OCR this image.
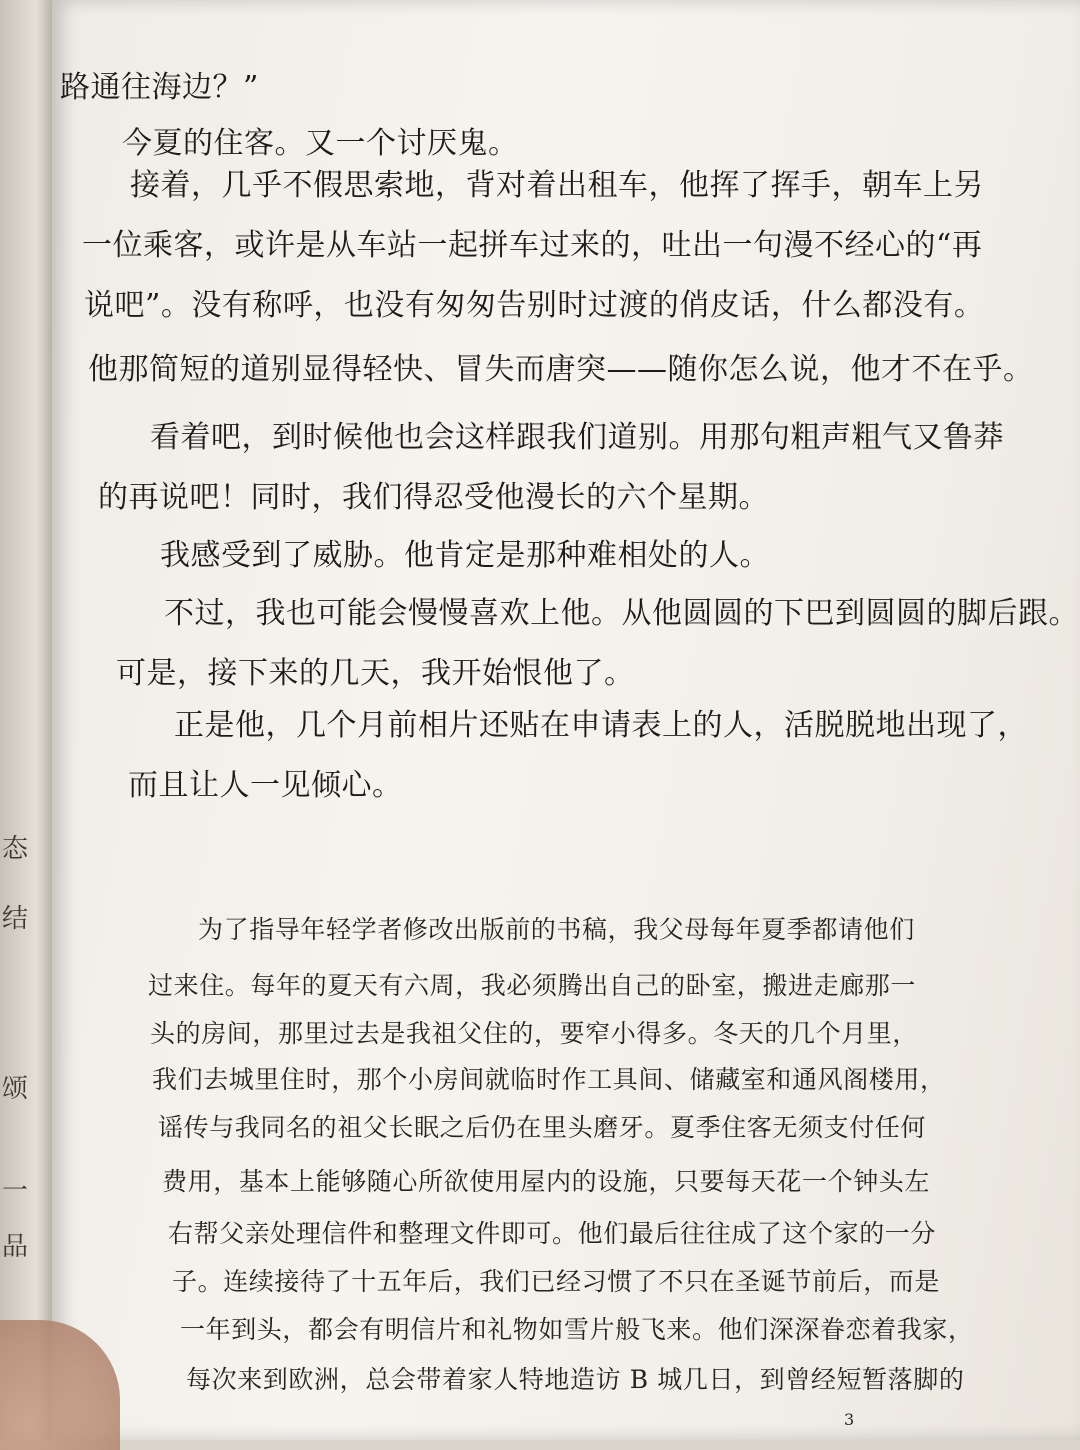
态
结
颂
一
品
路通往海边？”
今夏的住客。又一个讨厌鬼。
接着，几乎不假思索地，背对着出租车，他挥了挥手，朝车上另
一位乘客，或许是从车站一起拼车过来的，吐出一句漫不经心的“再
说吧”。没有称呼，也没有匆匆告别时过渡的俏皮话，什么都没有。
他那简短的道别显得轻快、冒失而唐突——随你怎么说，他才不在乎。
看着吧，到时候他也会这样跟我们道别。用那句粗声粗气又鲁莽
的再说吧！同时，我们得忍受他漫长的六个星期。
我感受到了威胁。他肯定是那种难相处的人。
不过，我也可能会慢慢喜欢上他。从他圆圆的下巴到圆圆的脚后跟。
可是，接下来的几天，我开始恨他了。
正是他，几个月前相片还贴在申请表上的人，活脱脱地出现了，
而且让人一见倾心。
为了指导年轻学者修改出版前的书稿，我父母每年夏季都请他们
过来住。每年的夏天有六周，我必须腾出自己的卧室，搬进走廊那一
头的房间，那里过去是我祖父住的，要窄小得多。冬天的几个月里，
我们去城里住时，那个小房间就临时作工具间、储藏室和通风阁楼用，
谣传与我同名的祖父长眠之后仍在里头磨牙。夏季住客无须支付任何
费用，基本上能够随心所欲使用屋内的设施，只要每天花一个钟头左
右帮父亲处理信件和整理文件即可。他们最后往往成了这个家的一分
子。连续接待了十五年后，我们已经习惯了不只在圣诞节前后，而是
一年到头，都会有明信片和礼物如雪片般飞来。他们深深眷恋着我家，
每次来到欧洲，总会带着家人特地造访 B 城几日，到曾经短暂落脚的
3
